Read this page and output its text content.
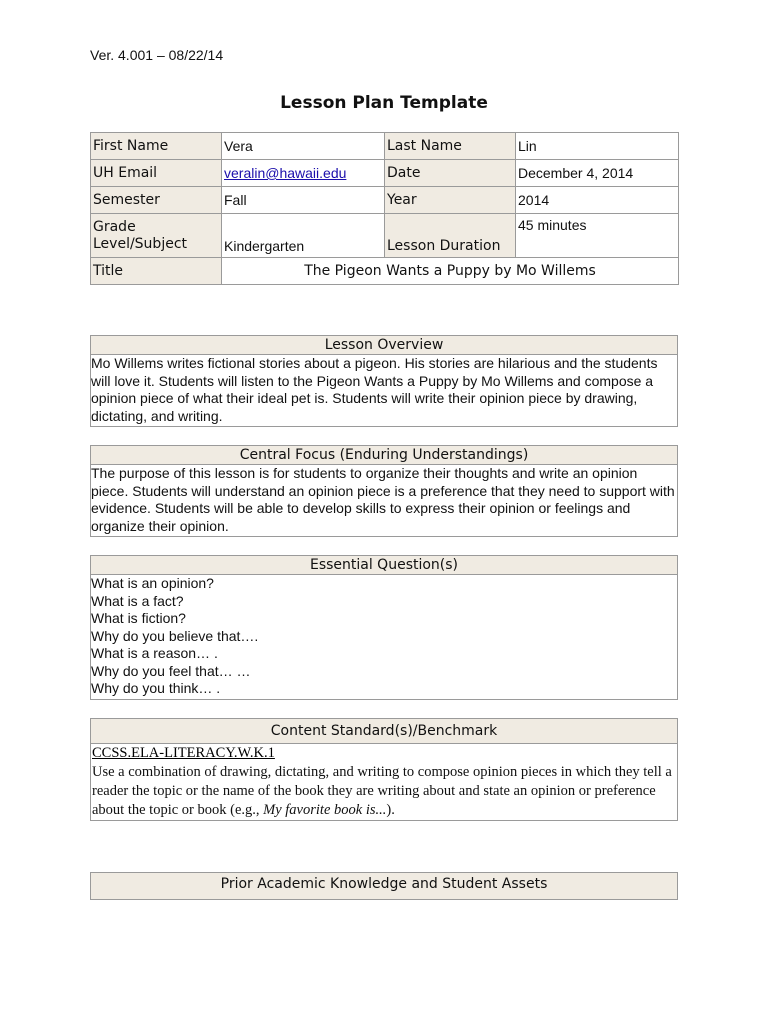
Ver. 4.001 – 08/22/14
Lesson Plan Template
First Name	Vera	Last Name	Lin
UH Email	veralin@hawaii.edu	Date	December 4, 2014
Semester	Fall	Year	2014
Grade Level/Subject	Kindergarten	Lesson Duration	45 minutes
Title	The Pigeon Wants a Puppy by Mo Willems		
Lesson Overview
Mo Willems writes fictional stories about a pigeon. His stories are hilarious and the students will love it. Students will listen to the Pigeon Wants a Puppy by Mo Willems and compose a opinion piece of what their ideal pet is. Students will write their opinion piece by drawing, dictating, and writing.
Central Focus (Enduring Understandings)
The purpose of this lesson is for students to organize their thoughts and write an opinion piece. Students will understand an opinion piece is a preference that they need to support with evidence. Students will be able to develop skills to express their opinion or feelings and organize their opinion.
Essential Question(s)
What is an opinion?
What is a fact?
What is fiction?
Why do you believe that….
What is a reason… .
Why do you feel that… …
Why do you think… .
Content Standard(s)/Benchmark
CCSS.ELA-LITERACY.W.K.1
Use a combination of drawing, dictating, and writing to compose opinion pieces in which they tell a reader the topic or the name of the book they are writing about and state an opinion or preference about the topic or book (e.g., My favorite book is...).
Prior Academic Knowledge and Student Assets
